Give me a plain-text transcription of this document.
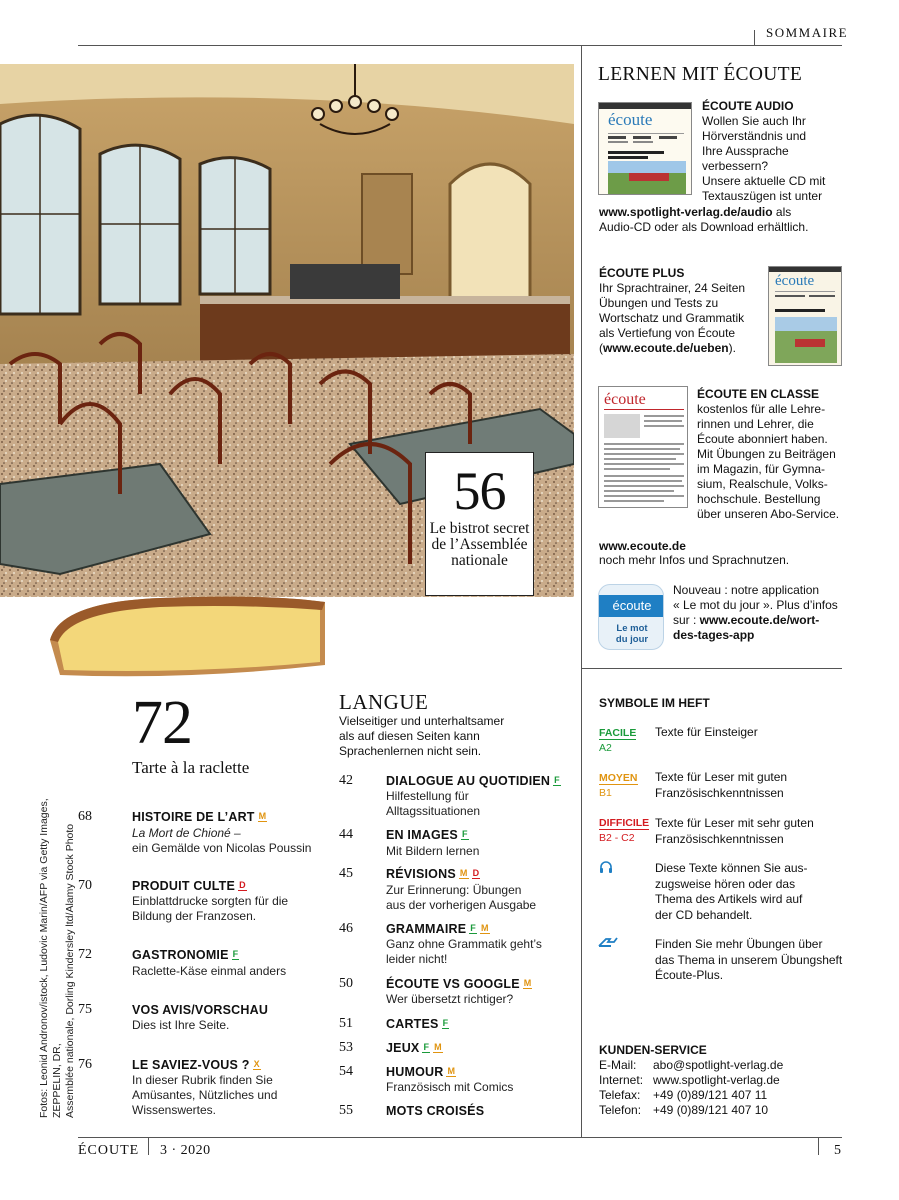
SOMMAIRE
56
Le bistrot secret de l’Assemblée nationale
72
Tarte à la raclette
68	HISTOIRE DE L’ART M
La Mort de Chioné –
ein Gemälde von Nicolas Poussin
70	PRODUIT CULTE D
Einblattdrucke sorgten für die
Bildung der Franzosen.
72	GASTRONOMIE F
Raclette-Käse einmal anders
75	VOS AVIS/VORSCHAU
Dies ist Ihre Seite.
76	LE SAVIEZ-VOUS ? X
In dieser Rubrik finden Sie
Amüsantes, Nützliches und
Wissenswertes.
LANGUE
Vielseitiger und unterhaltsamer
als auf diesen Seiten kann
Sprachenlernen nicht sein.
42	DIALOGUE AU QUOTIDIEN F
Hilfestellung für
Alltagssituationen
44	EN IMAGES F
Mit Bildern lernen
45	RÉVISIONS M D
Zur Erinnerung: Übungen
aus der vorherigen Ausgabe
46	GRAMMAIRE F M
Ganz ohne Grammatik geht’s
leider nicht!
50	ÉCOUTE VS GOOGLE M
Wer übersetzt richtiger?
51	CARTES F
53	JEUX F M
54	HUMOUR M
Französisch mit Comics
55	MOTS CROISÉS
LERNEN MIT ÉCOUTE
écoute
ÉCOUTE AUDIO
Wollen Sie auch Ihr
Hörverständnis und
Ihre Aussprache
verbessern?
Unsere aktuelle CD mit
Textauszügen ist unter
www.spotlight-verlag.de/audio als
Audio-CD oder als Download erhältlich.
ÉCOUTE PLUS
Ihr Sprachtrainer, 24 Seiten
Übungen und Tests zu
Wortschatz und Grammatik
als Vertiefung von Écoute
(www.ecoute.de/ueben).
écoute
écoute	ÉCOUTE EN CLASSE
kostenlos für alle Lehre-
rinnen und Lehrer, die
Écoute abonniert haben.
Mit Übungen zu Beiträgen
im Magazin, für Gymna-
sium, Realschule, Volks-
hochschule. Bestellung
über unseren Abo-Service.
www.ecoute.de
noch mehr Infos und Sprachnutzen.
écoute
Le mot
du jour
Nouveau : notre application
« Le mot du jour ». Plus d’infos
sur : www.ecoute.de/wort-
des-tages-app
SYMBOLE IM HEFT
FACILE
A2
Texte für Einsteiger
MOYEN
B1
Texte für Leser mit guten
Französischkenntnissen
DIFFICILE
B2 - C2
Texte für Leser mit sehr guten
Französischkenntnissen
Diese Texte können Sie aus-
zugsweise hören oder das
Thema des Artikels wird auf
der CD behandelt.
Finden Sie mehr Übungen über
das Thema in unserem Übungsheft
Écoute-Plus.
KUNDEN-SERVICE
E-Mail: abo@spotlight-verlag.de
Internet: www.spotlight-verlag.de
Telefax: +49 (0)89/121 407 11
Telefon: +49 (0)89/121 407 10
Fotos: Leonid Andronov/istock, Ludovic Marin/AFP via Getty Images, ZEPPELIN, DR, Assemblée nationale, Dorling Kindersley ltd/Alamy Stock Photo
ÉCOUTE 3 · 2020	5
